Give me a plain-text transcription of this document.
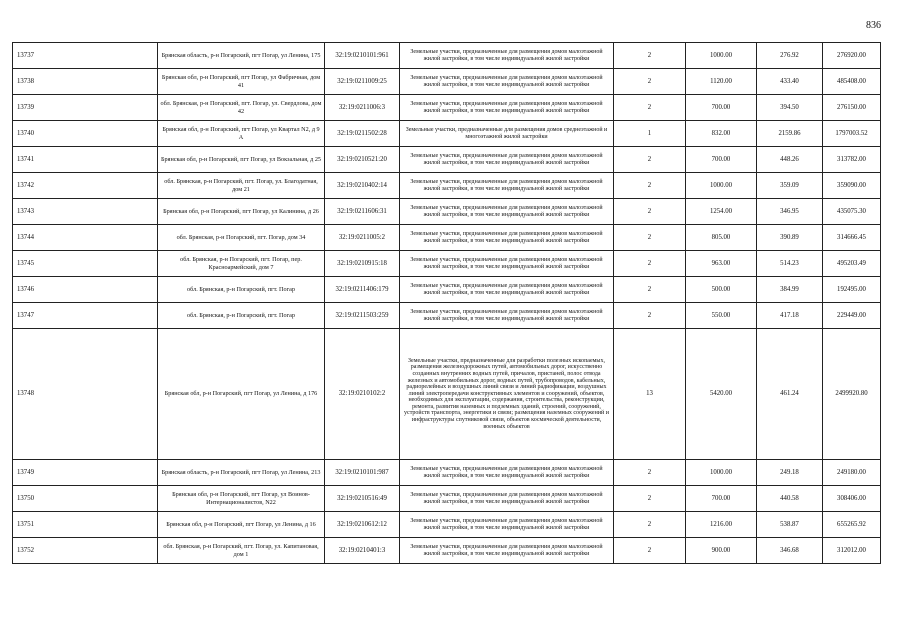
836
13737	Брянская область, р-н Погарский, пгт Погар, ул Ленина, 175	32:19:0210101:961	Земельные участки, предназначенные для размещения домов малоэтажной жилой застройки, в том числе индивидуальной жилой застройки	2	1000.00	276.92	276920.00
13738	Брянская обл, р-н Погарский, пгт Погар, ул Фабричная, дом 41	32:19:0211009:25	Земельные участки, предназначенные для размещения домов малоэтажной жилой застройки, в том числе индивидуальной жилой застройки	2	1120.00	433.40	485408.00
13739	обл. Брянская, р-н Погарский, пгт. Погар, ул. Свердлова, дом 42	32:19:0211006:3	Земельные участки, предназначенные для размещения домов малоэтажной жилой застройки, в том числе индивидуальной жилой застройки	2	700.00	394.50	276150.00
13740	Брянская обл, р-н Погарский, пгт Погар, ул Квартал N2, д 9 А	32:19:0211502:28	Земельные участки, предназначенные для размещения домов среднеэтажной и многоэтажной жилой застройки	1	832.00	2159.86	1797003.52
13741	Брянская обл, р-н Погарский, пгт Погар, ул Вокзальная, д 25	32:19:0210521:20	Земельные участки, предназначенные для размещения домов малоэтажной жилой застройки, в том числе индивидуальной жилой застройки	2	700.00	448.26	313782.00
13742	обл. Брянская, р-н Погарский, пгт. Погар, ул. Благодатная, дом 21	32:19:0210402:14	Земельные участки, предназначенные для размещения домов малоэтажной жилой застройки, в том числе индивидуальной жилой застройки	2	1000.00	359.09	359090.00
13743	Брянская обл, р-н Погарский, пгт Погар, ул Калинина, д 26	32:19:0211606:31	Земельные участки, предназначенные для размещения домов малоэтажной жилой застройки, в том числе индивидуальной жилой застройки	2	1254.00	346.95	435075.30
13744	обл. Брянская, р-н Погарский, пгт. Погар, дом 34	32:19:0211005:2	Земельные участки, предназначенные для размещения домов малоэтажной жилой застройки, в том числе индивидуальной жилой застройки	2	805.00	390.89	314666.45
13745	обл. Брянская, р-н Погарский, пгт. Погар, пер. Красноармейский, дом 7	32:19:0210915:18	Земельные участки, предназначенные для размещения домов малоэтажной жилой застройки, в том числе индивидуальной жилой застройки	2	963.00	514.23	495203.49
13746	обл. Брянская, р-н Погарский, пгт. Погар	32:19:0211406:179	Земельные участки, предназначенные для размещения домов малоэтажной жилой застройки, в том числе индивидуальной жилой застройки	2	500.00	384.99	192495.00
13747	обл. Брянская, р-н Погарский, пгт. Погар	32:19:0211503:259	Земельные участки, предназначенные для размещения домов малоэтажной жилой застройки, в том числе индивидуальной жилой застройки	2	550.00	417.18	229449.00
13748	Брянская обл, р-н Погарский, пгт Погар, ул Ленина, д 176	32:19:0210102:2	Земельные участки, предназначенные для разработки полезных ископаемых, размещения железнодорожных путей, автомобильных дорог, искусственно созданных внутренних водных путей, причалов, пристаней, полос отвода железных и автомобильных дорог, водных путей, трубопроводов, кабельных, радиорелейных и воздушных линий связи и линий радиофикации, воздушных линий электропередачи конструктивных элементов и сооружений, объектов, необходимых для эксплуатации, содержания, строительства, реконструкции, ремонта, развития наземных и подземных зданий, строений, сооружений, устройств транспорта, энергетики и связи; размещения наземных сооружений и инфраструктуры спутниковой связи, объектов космической деятельности, военных объектов	13	5420.00	461.24	2499920.80
13749	Брянская область, р-н Погарский, пгт Погар, ул Ленина, 213	32:19:0210101:987	Земельные участки, предназначенные для размещения домов малоэтажной жилой застройки, в том числе индивидуальной жилой застройки	2	1000.00	249.18	249180.00
13750	Брянская обл, р-н Погарский, пгт Погар, ул Воинов-Интернационалистов, N22	32:19:0210516:49	Земельные участки, предназначенные для размещения домов малоэтажной жилой застройки, в том числе индивидуальной жилой застройки	2	700.00	440.58	308406.00
13751	Брянская обл, р-н Погарский, пгт Погар, ул Ленина, д 16	32:19:0210612:12	Земельные участки, предназначенные для размещения домов малоэтажной жилой застройки, в том числе индивидуальной жилой застройки	2	1216.00	538.87	655265.92
13752	обл. Брянская, р-н Погарский, пгт. Погар, ул. Капитановая, дом 1	32:19:0210401:3	Земельные участки, предназначенные для размещения домов малоэтажной жилой застройки, в том числе индивидуальной жилой застройки	2	900.00	346.68	312012.00
